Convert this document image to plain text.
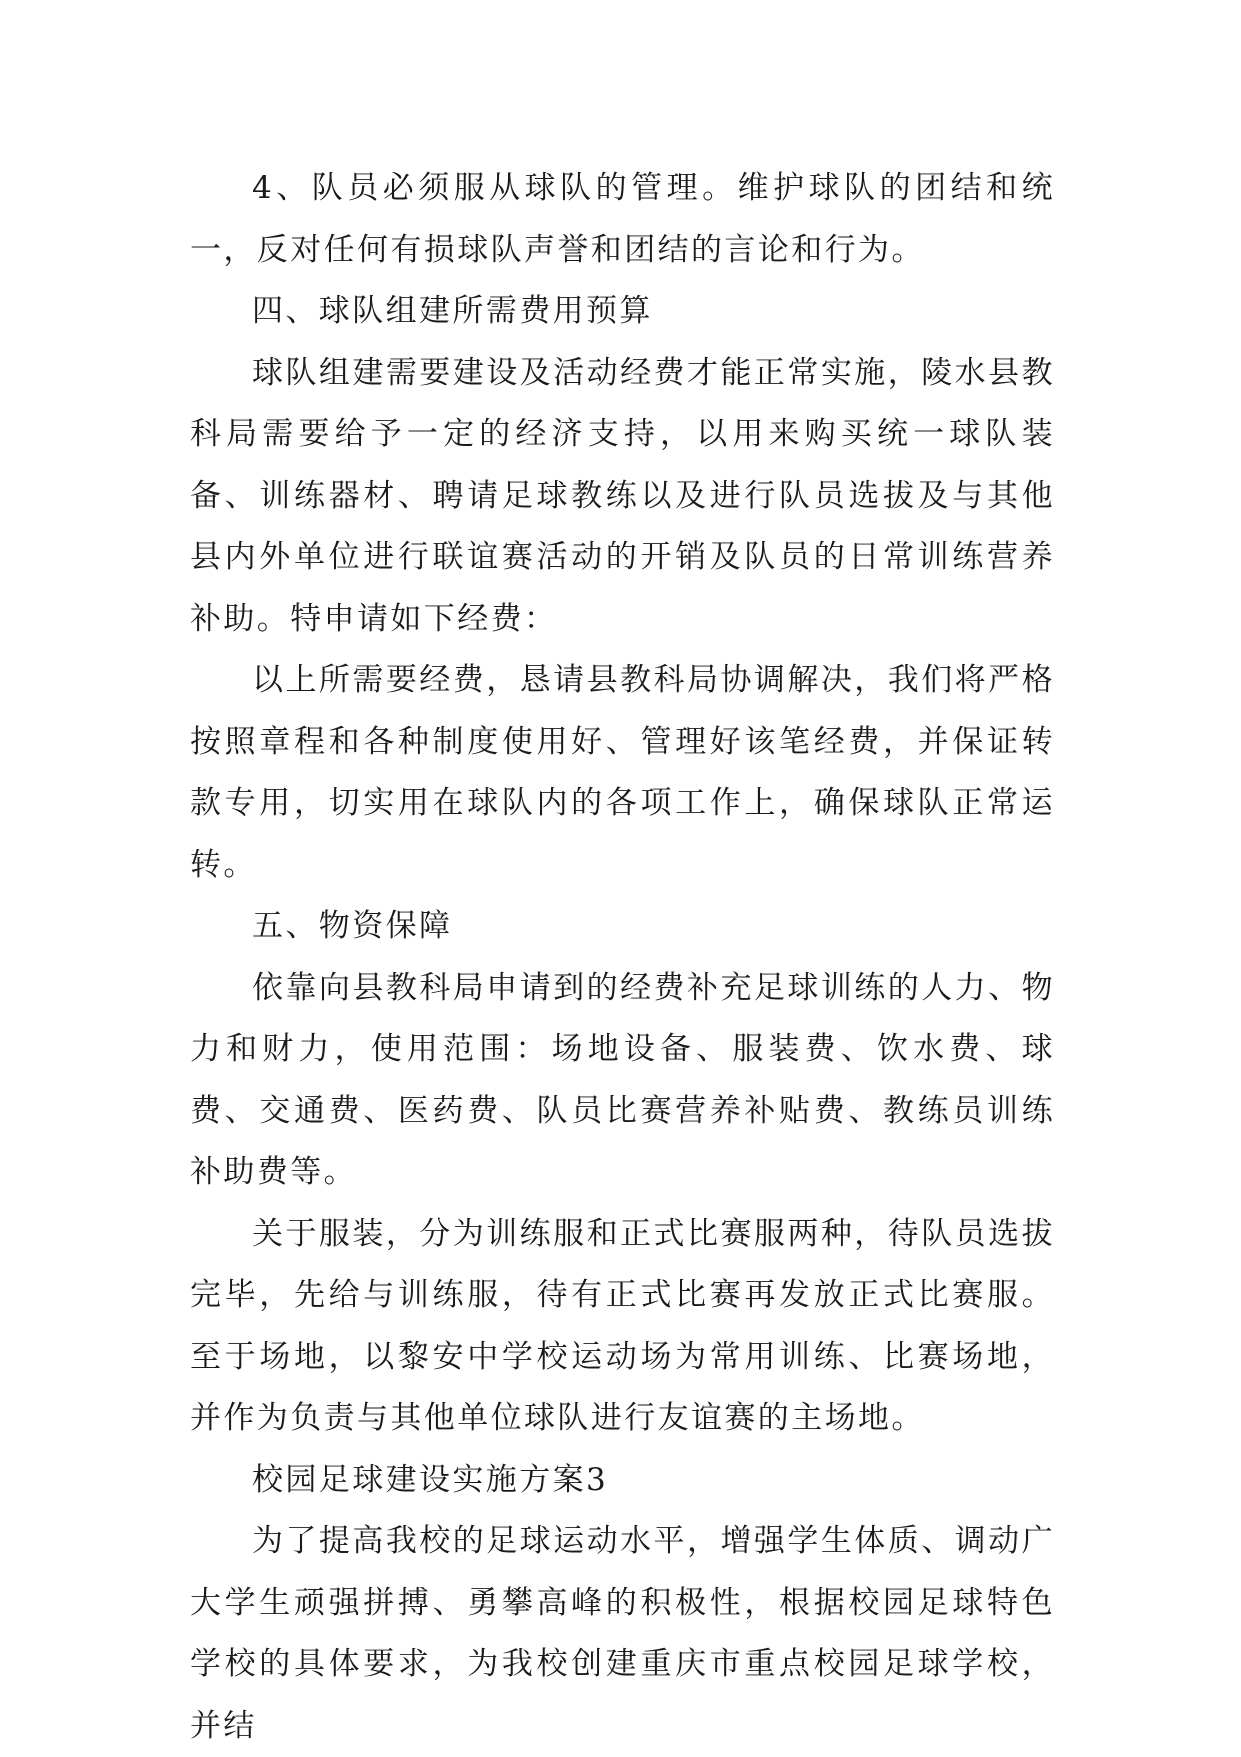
4、队员必须服从球队的管理。维护球队的团结和统一，反对任何有损球队声誉和团结的言论和行为。

四、球队组建所需费用预算

球队组建需要建设及活动经费才能正常实施，陵水县教科局需要给予一定的经济支持，以用来购买统一球队装备、训练器材、聘请足球教练以及进行队员选拔及与其他县内外单位进行联谊赛活动的开销及队员的日常训练营养补助。特申请如下经费：

以上所需要经费，恳请县教科局协调解决，我们将严格按照章程和各种制度使用好、管理好该笔经费，并保证转款专用，切实用在球队内的各项工作上，确保球队正常运转。

五、物资保障

依靠向县教科局申请到的经费补充足球训练的人力、物力和财力，使用范围：场地设备、服装费、饮水费、球费、交通费、医药费、队员比赛营养补贴费、教练员训练补助费等。

关于服装，分为训练服和正式比赛服两种，待队员选拔完毕，先给与训练服，待有正式比赛再发放正式比赛服。至于场地，以黎安中学校运动场为常用训练、比赛场地，并作为负责与其他单位球队进行友谊赛的主场地。

校园足球建设实施方案3

为了提高我校的足球运动水平，增强学生体质、调动广大学生顽强拼搏、勇攀高峰的积极性，根据校园足球特色学校的具体要求，为我校创建重庆市重点校园足球学校，并结
